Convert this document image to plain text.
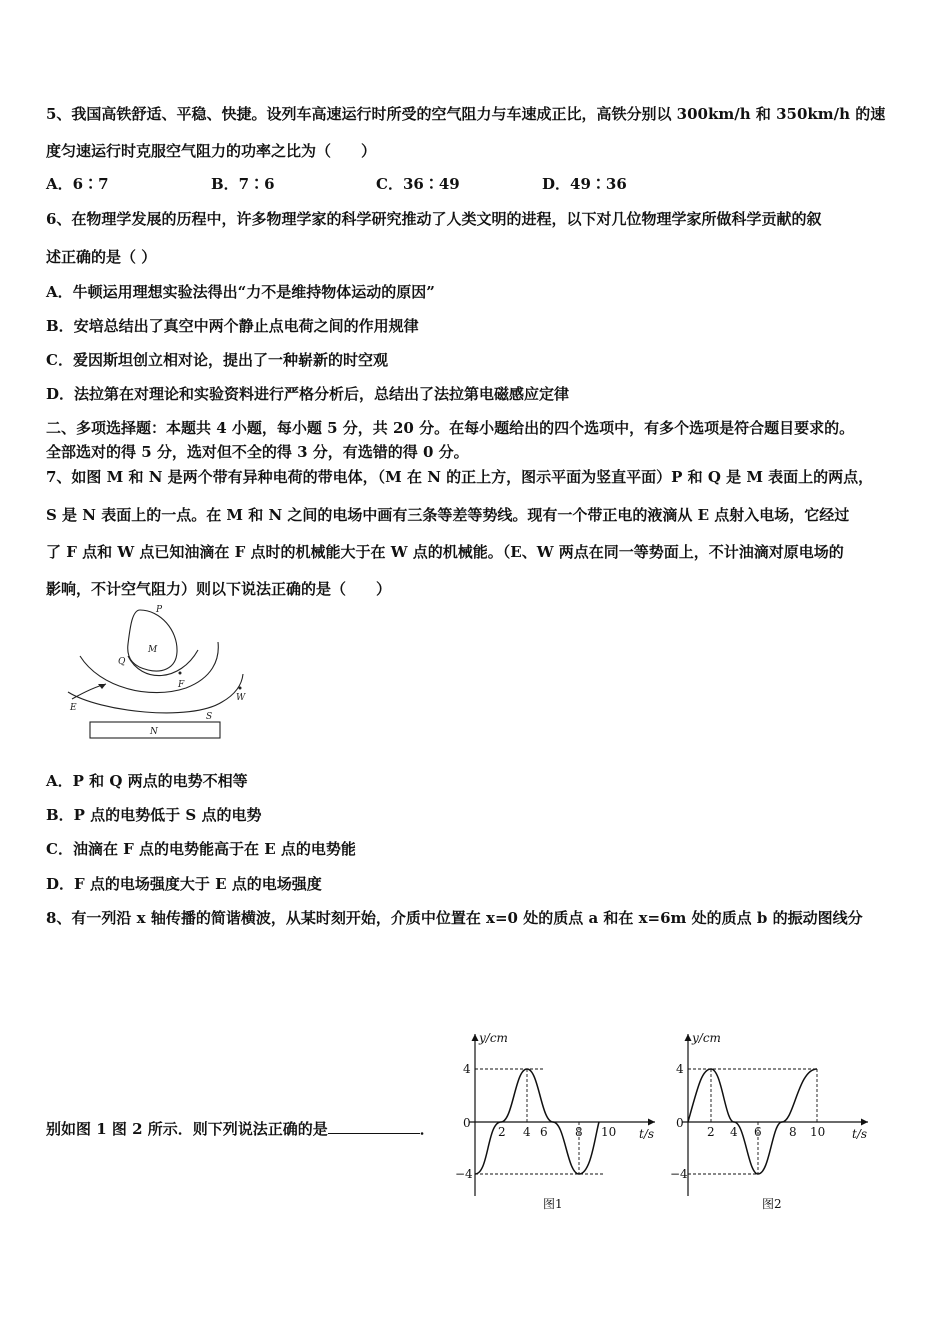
5、我国高铁舒适、平稳、快捷。设列车高速运行时所受的空气阻力与车速成正比，高铁分别以 300km/h 和 350km/h 的速
度匀速运行时克服空气阻力的功率之比为（　　）
A．6∶7	B．7∶6	C．36∶49	D．49∶36
6、在物理学发展的历程中，许多物理学家的科学研究推动了人类文明的进程，以下对几位物理学家所做科学贡献的叙
述正确的是（ ）
A．牛顿运用理想实验法得出“力不是维持物体运动的原因”
B．安培总结出了真空中两个静止点电荷之间的作用规律
C．爱因斯坦创立相对论，提出了一种崭新的时空观
D．法拉第在对理论和实验资料进行严格分析后，总结出了法拉第电磁感应定律
二、多项选择题：本题共 4 小题，每小题 5 分，共 20 分。在每小题给出的四个选项中，有多个选项是符合题目要求的。
全部选对的得 5 分，选对但不全的得 3 分，有选错的得 0 分。
7、如图 M 和 N 是两个带有异种电荷的带电体，（M 在 N 的正上方，图示平面为竖直平面）P 和 Q 是 M 表面上的两点，
S 是 N 表面上的一点。在 M 和 N 之间的电场中画有三条等差等势线。现有一个带正电的液滴从 E 点射入电场，它经过
了 F 点和 W 点已知油滴在 F 点时的机械能大于在 W 点的机械能。（E、W 两点在同一等势面上，不计油滴对原电场的
影响，不计空气阻力）则以下说法正确的是（　　）
P
M
Q
F
W
E
S
N
A．P 和 Q 两点的电势不相等
B．P 点的电势低于 S 点的电势
C．油滴在 F 点的电势能高于在 E 点的电势能
D．F 点的电场强度大于 E 点的电场强度
8、有一列沿 x 轴传播的简谐横波，从某时刻开始，介质中位置在 x=0 处的质点 a 和在 x=6m 处的质点 b 的振动图线分
别如图 1 图 2 所示．则下列说法正确的是	．
y/cm
t/s
0
4
−4
2 4 6 8 10
图1
y/cm
t/s
0
4
−4
2 4 6 8 10
图2
